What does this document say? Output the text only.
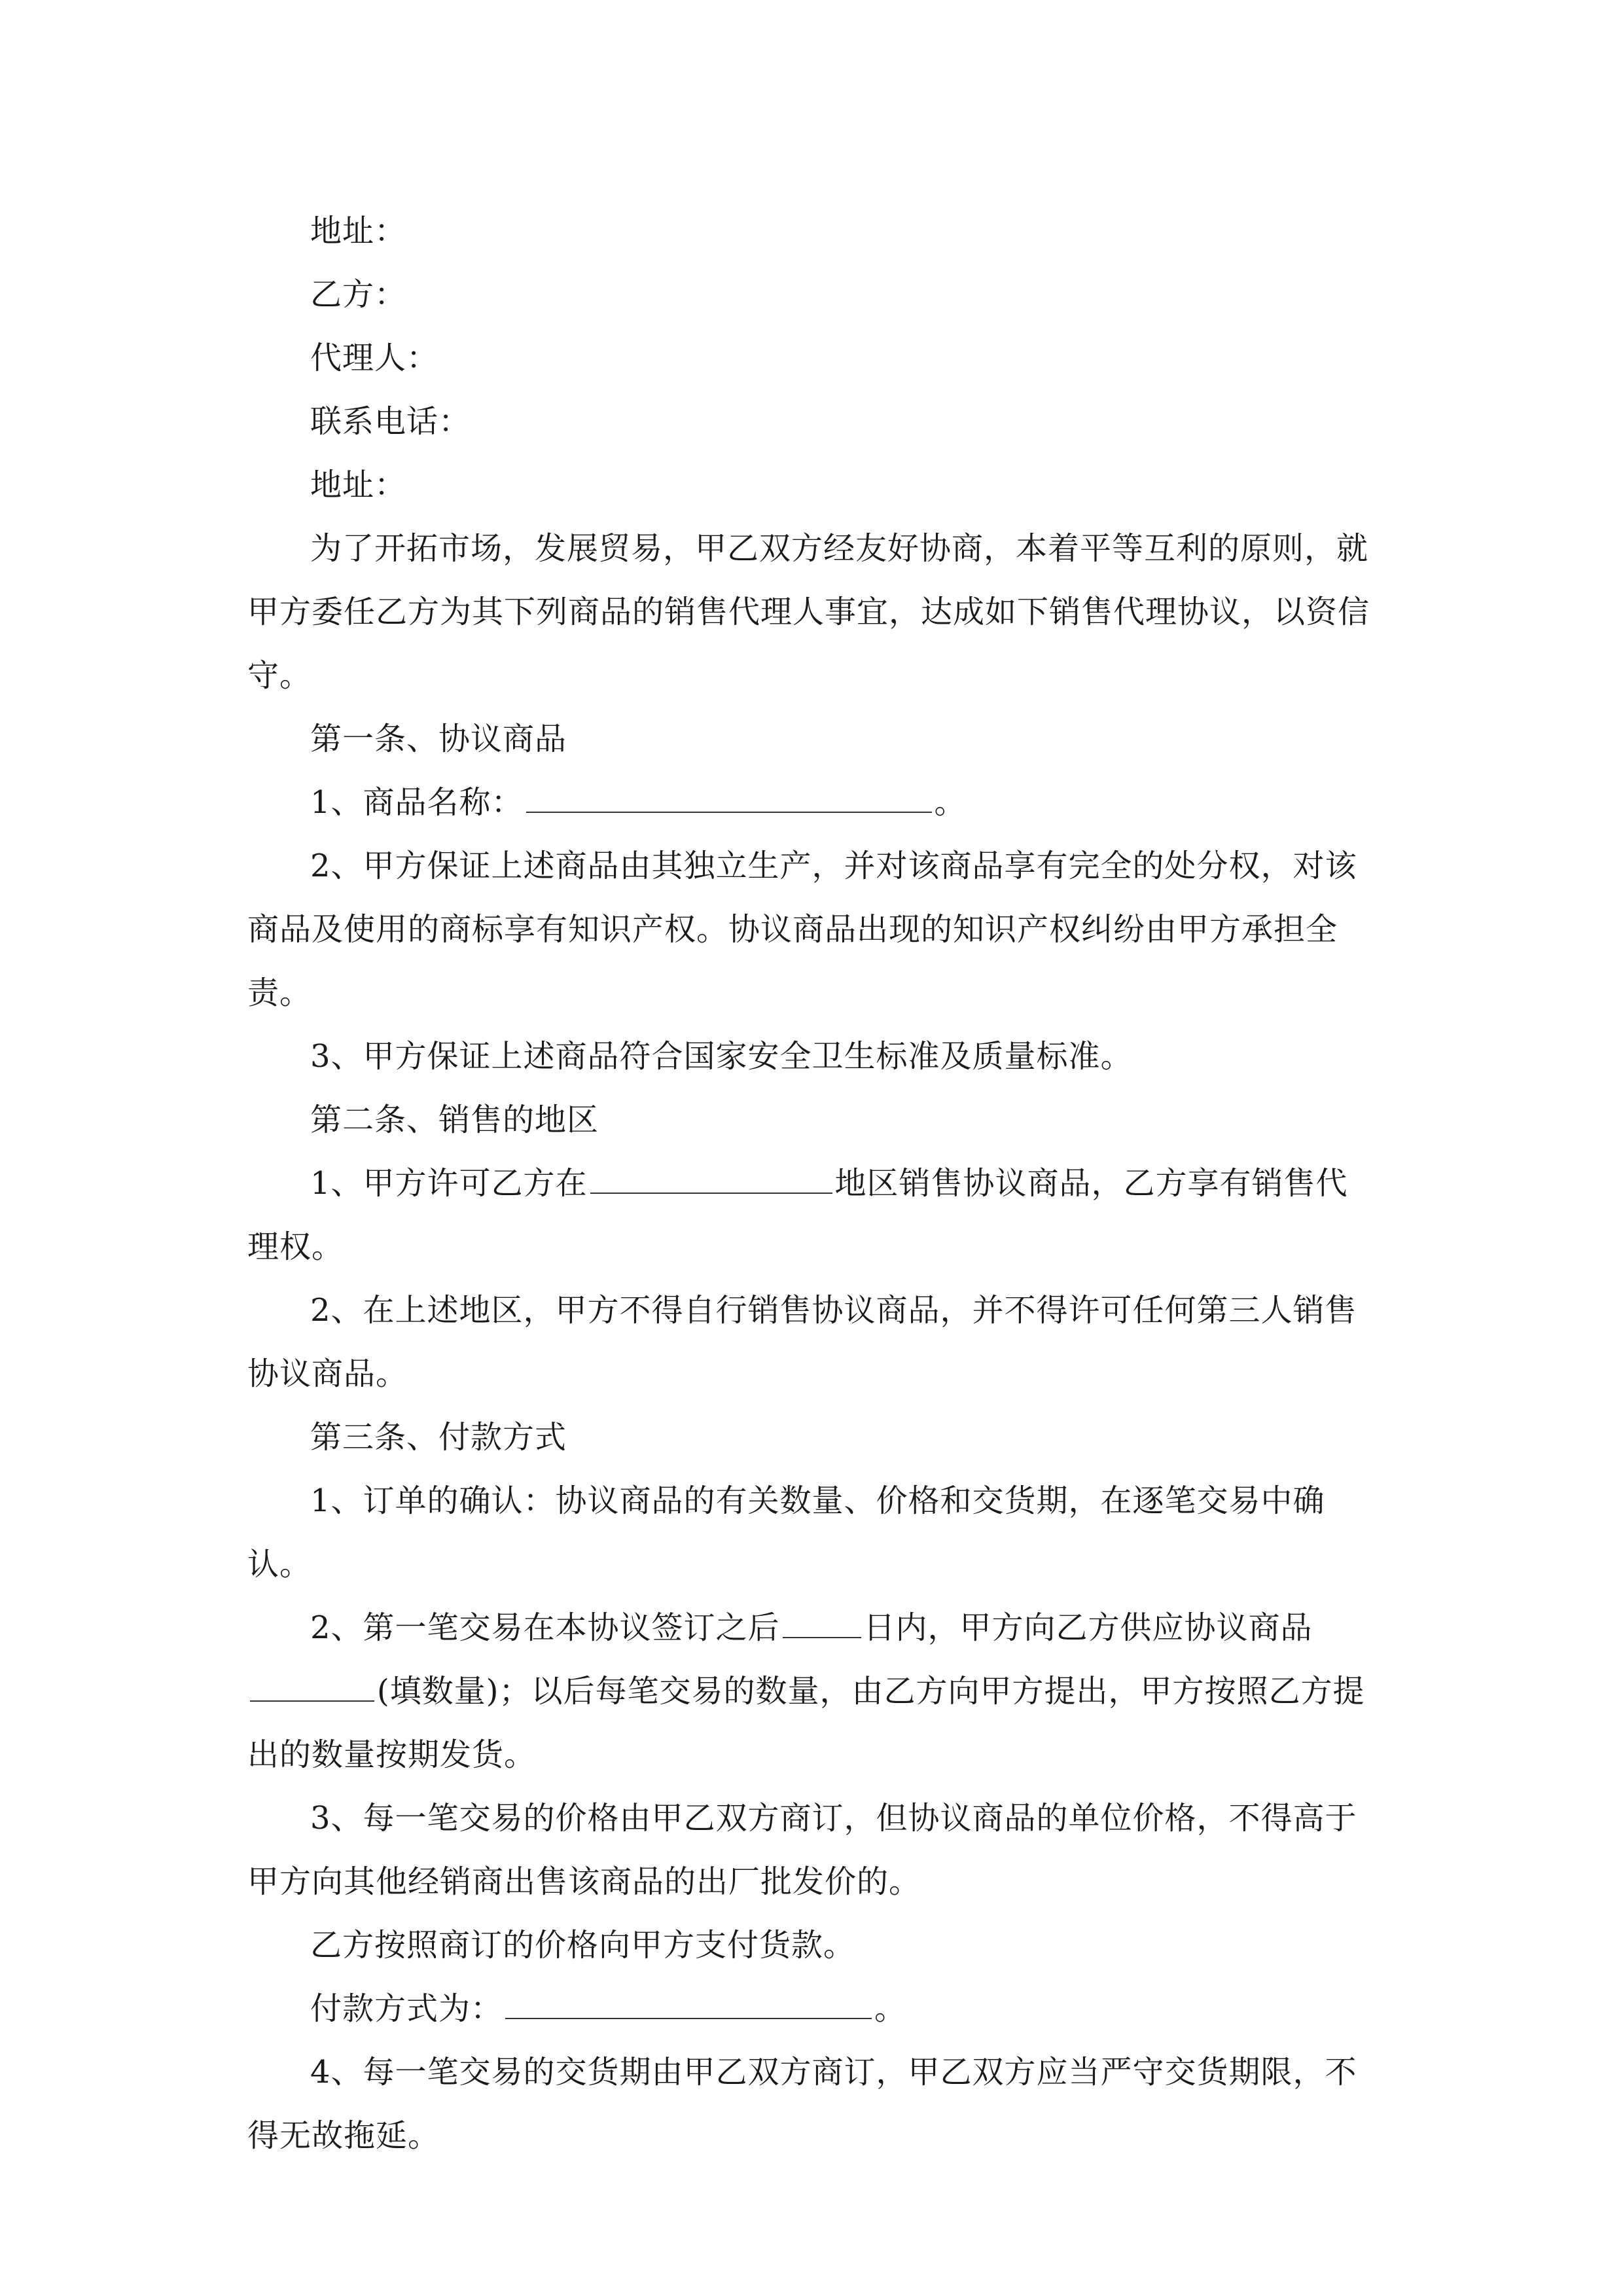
地址：

乙方：

代理人：

联系电话：

地址：

为了开拓市场，发展贸易，甲乙双方经友好协商，本着平等互利的原则，就甲方委任乙方为其下列商品的销售代理人事宜，达成如下销售代理协议，以资信守。

第一条、协议商品

1、商品名称：	。

2、甲方保证上述商品由其独立生产，并对该商品享有完全的处分权，对该商品及使用的商标享有知识产权。协议商品出现的知识产权纠纷由甲方承担全责。

3、甲方保证上述商品符合国家安全卫生标准及质量标准。

第二条、销售的地区

1、甲方许可乙方在	地区销售协议商品，乙方享有销售代理权。

2、在上述地区，甲方不得自行销售协议商品，并不得许可任何第三人销售协议商品。

第三条、付款方式

1、订单的确认：协议商品的有关数量、价格和交货期，在逐笔交易中确认。

2、第一笔交易在本协议签订之后	日内，甲方向乙方供应协议商品(填数量)；以后每笔交易的数量，由乙方向甲方提出，甲方按照乙方提出的数量按期发货。

3、每一笔交易的价格由甲乙双方商订，但协议商品的单位价格，不得高于甲方向其他经销商出售该商品的出厂批发价的。

乙方按照商订的价格向甲方支付货款。

付款方式为：	。

4、每一笔交易的交货期由甲乙双方商订，甲乙双方应当严守交货期限，不得无故拖延。
